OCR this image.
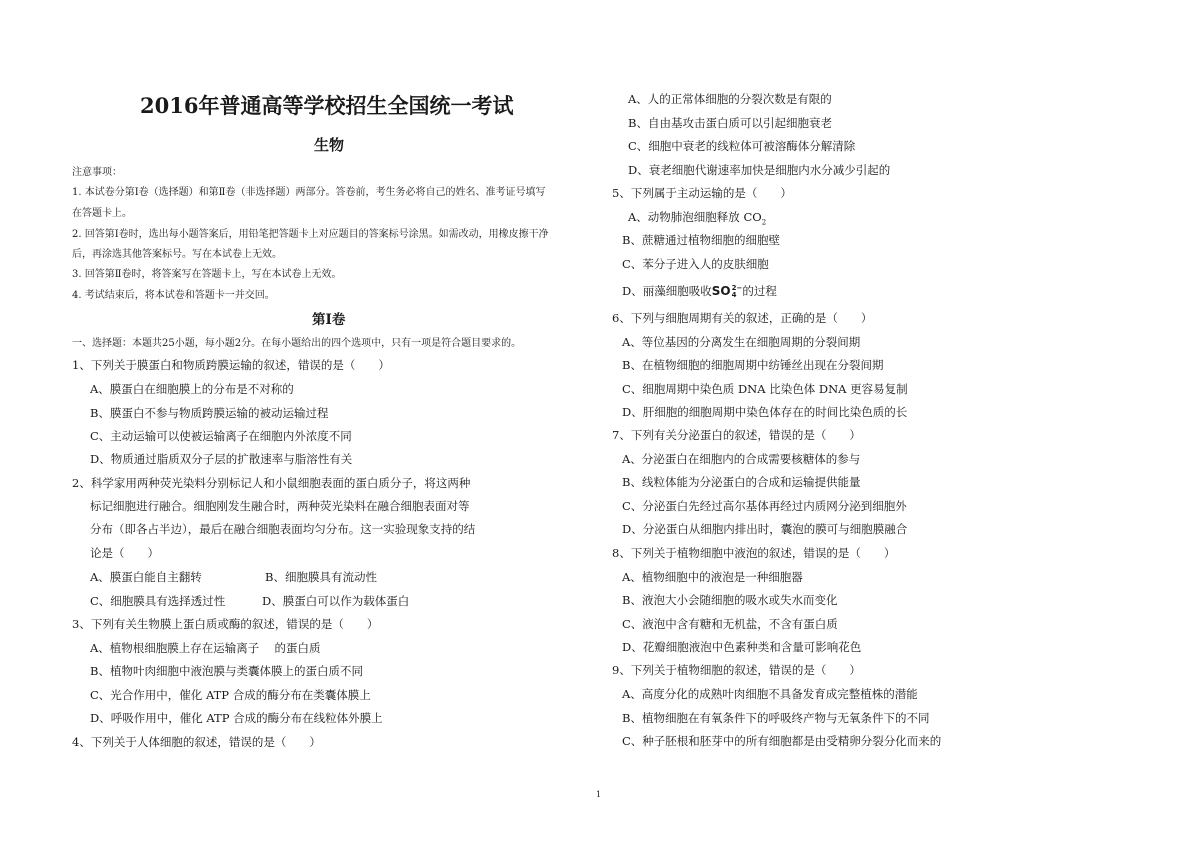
2016年普通高等学校招生全国统一考试
生物
注意事项：
1. 本试卷分第Ⅰ卷（选择题）和第Ⅱ卷（非选择题）两部分。答卷前，考生务必将自己的姓名、准考证号填写
在答题卡上。
2. 回答第Ⅰ卷时，选出每小题答案后，用铅笔把答题卡上对应题目的答案标号涂黑。如需改动，用橡皮擦干净
后，再涂选其他答案标号。写在本试卷上无效。
3. 回答第Ⅱ卷时，将答案写在答题卡上，写在本试卷上无效。
4. 考试结束后，将本试卷和答题卡一并交回。
第Ⅰ卷
一、选择题：本题共25小题，每小题2分。在每小题给出的四个选项中，只有一项是符合题目要求的。
1、下列关于膜蛋白和物质跨膜运输的叙述，错误的是（　　）
A、膜蛋白在细胞膜上的分布是不对称的
B、膜蛋白不参与物质跨膜运输的被动运输过程
C、主动运输可以使被运输离子在细胞内外浓度不同
D、物质通过脂质双分子层的扩散速率与脂溶性有关
2、科学家用两种荧光染料分别标记人和小鼠细胞表面的蛋白质分子，将这两种
标记细胞进行融合。细胞刚发生融合时，两种荧光染料在融合细胞表面对等
分布（即各占半边），最后在融合细胞表面均匀分布。这一实验现象支持的结
论是（　　）
A、膜蛋白能自主翻转	B、细胞膜具有流动性
C、细胞膜具有选择透过性	D、膜蛋白可以作为载体蛋白
3、下列有关生物膜上蛋白质或酶的叙述，错误的是（　　）
A、植物根细胞膜上存在运输离子　 的蛋白质
B、植物叶肉细胞中液泡膜与类囊体膜上的蛋白质不同
C、光合作用中，催化 ATP 合成的酶分布在类囊体膜上
D、呼吸作用中，催化 ATP 合成的酶分布在线粒体外膜上
4、下列关于人体细胞的叙述，错误的是（　　）
A、人的正常体细胞的分裂次数是有限的
B、自由基攻击蛋白质可以引起细胞衰老
C、细胞中衰老的线粒体可被溶酶体分解清除
D、衰老细胞代谢速率加快是细胞内水分减少引起的
5、下列属于主动运输的是（　　）
A、动物肺泡细胞释放 $CO_2$
B、蔗糖通过植物细胞的细胞壁
C、苯分子进入人的皮肤细胞
D、丽藻细胞吸收SO 2−
4 的过程
6、下列与细胞周期有关的叙述，正确的是（　　）
A、等位基因的分离发生在细胞周期的分裂间期
B、在植物细胞的细胞周期中纺锤丝出现在分裂间期
C、细胞周期中染色质 DNA 比染色体 DNA 更容易复制
D、肝细胞的细胞周期中染色体存在的时间比染色质的长
7、下列有关分泌蛋白的叙述，错误的是（　　）
A、分泌蛋白在细胞内的合成需要核糖体的参与
B、线粒体能为分泌蛋白的合成和运输提供能量
C、分泌蛋白先经过高尔基体再经过内质网分泌到细胞外
D、分泌蛋白从细胞内排出时，囊泡的膜可与细胞膜融合
8、下列关于植物细胞中液泡的叙述，错误的是（　　）
A、植物细胞中的液泡是一种细胞器
B、液泡大小会随细胞的吸水或失水而变化
C、液泡中含有糖和无机盐，不含有蛋白质
D、花瓣细胞液泡中色素种类和含量可影响花色
9、下列关于植物细胞的叙述，错误的是（　　）
A、高度分化的成熟叶肉细胞不具备发育成完整植株的潜能
B、植物细胞在有氧条件下的呼吸终产物与无氧条件下的不同
C、种子胚根和胚芽中的所有细胞都是由受精卵分裂分化而来的
1
